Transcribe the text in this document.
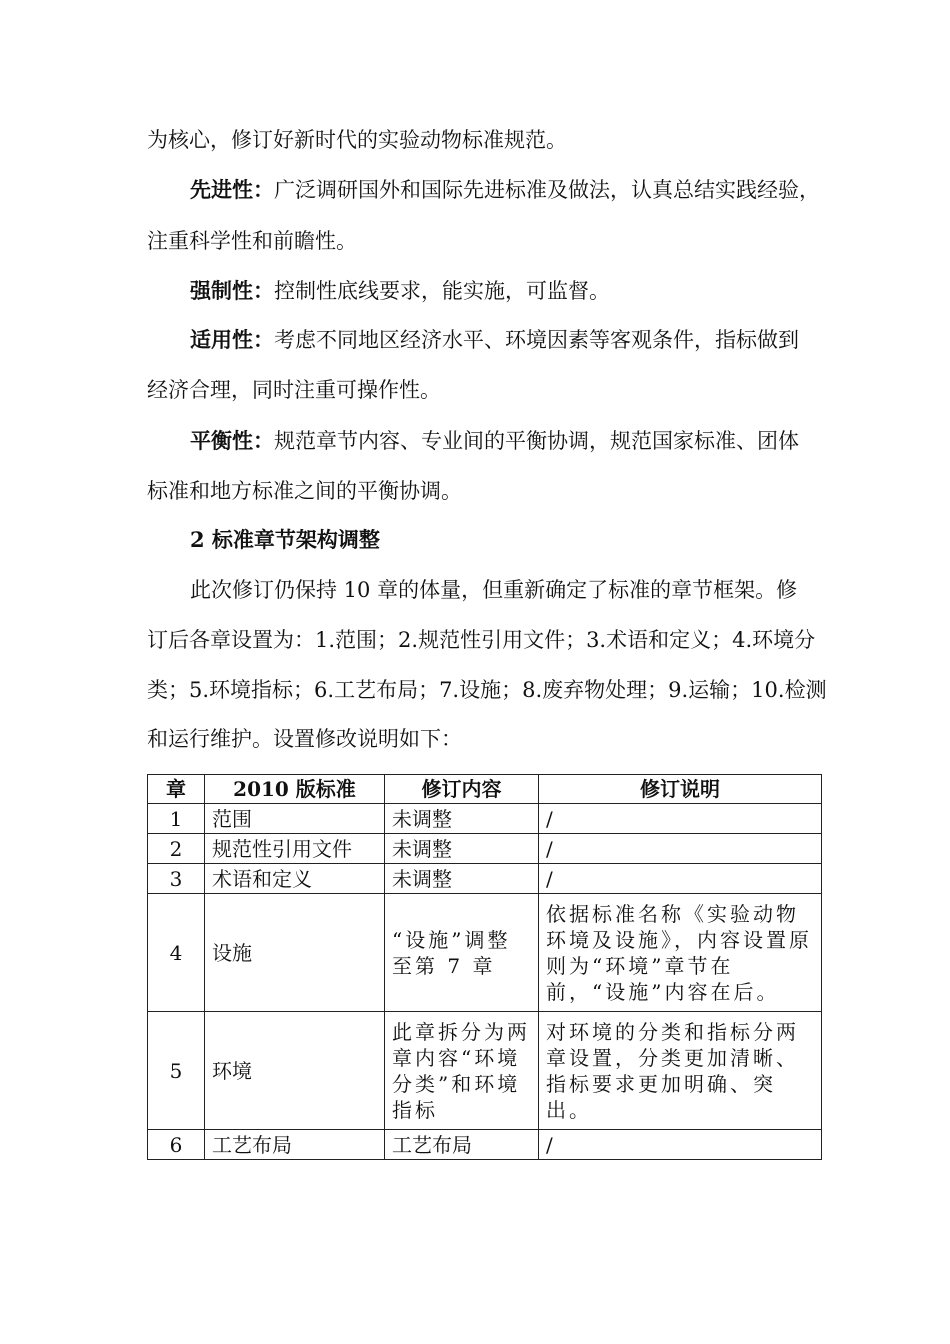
为核心，修订好新时代的实验动物标准规范。
先进性：广泛调研国外和国际先进标准及做法，认真总结实践经验，
注重科学性和前瞻性。
强制性：控制性底线要求，能实施，可监督。
适用性：考虑不同地区经济水平、环境因素等客观条件，指标做到
经济合理，同时注重可操作性。
平衡性：规范章节内容、专业间的平衡协调，规范国家标准、团体
标准和地方标准之间的平衡协调。
2 标准章节架构调整
此次修订仍保持 10 章的体量，但重新确定了标准的章节框架。修
订后各章设置为：1.范围；2.规范性引用文件；3.术语和定义；4.环境分
类；5.环境指标；6.工艺布局；7.设施；8.废弃物处理；9.运输；10.检测
和运行维护。设置修改说明如下：
章	2010 版标准	修订内容	修订说明
1	范围	未调整	/
2	规范性引用文件	未调整	/
3	术语和定义	未调整	/
4	设施	“设施”调整至第 7 章	依据标准名称《实验动物环境及设施》，内容设置原则为“环境”章节在前，“设施”内容在后。
5	环境	此章拆分为两章内容“环境分类”和环境指标	对环境的分类和指标分两章设置，分类更加清晰、指标要求更加明确、突出。
6	工艺布局	工艺布局	/
